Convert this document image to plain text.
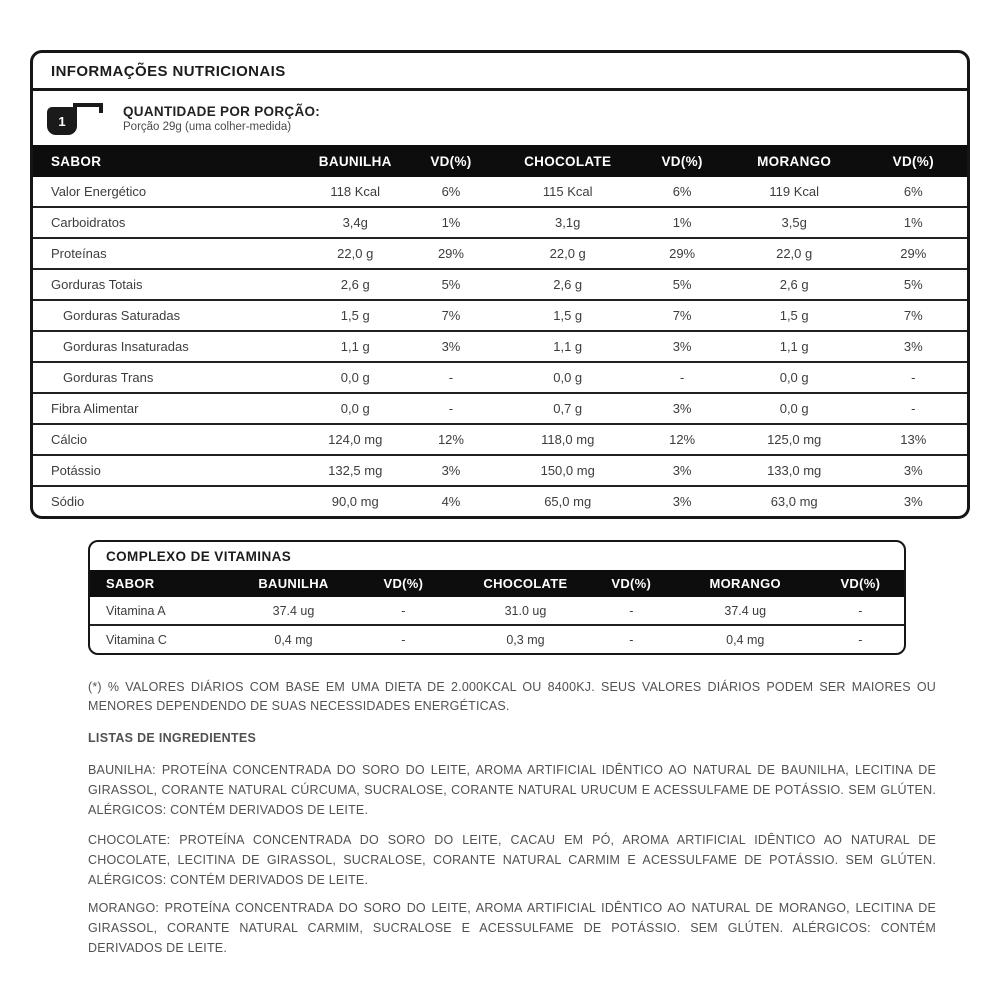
INFORMAÇÕES NUTRICIONAIS
1
QUANTIDADE POR PORÇÃO:
Porção 29g (uma colher-medida)
SABOR	BAUNILHA	VD(%)	CHOCOLATE	VD(%)	MORANGO	VD(%)
Valor Energético	118 Kcal	6%	115 Kcal	6%	119 Kcal	6%
Carboidratos	3,4g	1%	3,1g	1%	3,5g	1%
Proteínas	22,0 g	29%	22,0 g	29%	22,0 g	29%
Gorduras Totais	2,6 g	5%	2,6 g	5%	2,6 g	5%
Gorduras Saturadas	1,5 g	7%	1,5 g	7%	1,5 g	7%
Gorduras Insaturadas	1,1 g	3%	1,1 g	3%	1,1 g	3%
Gorduras Trans	0,0 g	-	0,0 g	-	0,0 g	-
Fibra Alimentar	0,0 g	-	0,7 g	3%	0,0 g	-
Cálcio	124,0 mg	12%	118,0 mg	12%	125,0 mg	13%
Potássio	132,5 mg	3%	150,0 mg	3%	133,0 mg	3%
Sódio	90,0 mg	4%	65,0 mg	3%	63,0 mg	3%
COMPLEXO DE VITAMINAS
SABOR	BAUNILHA	VD(%)	CHOCOLATE	VD(%)	MORANGO	VD(%)
Vitamina A	37.4 ug	-	31.0 ug	-	37.4 ug	-
Vitamina C	0,4 mg	-	0,3 mg	-	0,4 mg	-
(*) % VALORES DIÁRIOS COM BASE EM UMA DIETA DE 2.000KCAL OU 8400KJ. SEUS VALORES DIÁRIOS PODEM SER MAIORES OU MENORES DEPENDENDO DE SUAS NECESSIDADES ENERGÉTICAS.
LISTAS DE INGREDIENTES

BAUNILHA: PROTEÍNA CONCENTRADA DO SORO DO LEITE, AROMA ARTIFICIAL IDÊNTICO AO NATURAL DE BAUNILHA, LECITINA DE GIRASSOL, CORANTE NATURAL CÚRCUMA, SUCRALOSE, CORANTE NATURAL URUCUM E ACESSULFAME DE POTÁSSIO. SEM GLÚTEN. ALÉRGICOS: CONTÉM DERIVADOS DE LEITE.

CHOCOLATE: PROTEÍNA CONCENTRADA DO SORO DO LEITE, CACAU EM PÓ, AROMA ARTIFICIAL IDÊNTICO AO NATURAL DE CHOCOLATE, LECITINA DE GIRASSOL, SUCRALOSE, CORANTE NATURAL CARMIM E ACESSULFAME DE POTÁSSIO. SEM GLÚTEN. ALÉRGICOS: CONTÉM DERIVADOS DE LEITE.

MORANGO: PROTEÍNA CONCENTRADA DO SORO DO LEITE, AROMA ARTIFICIAL IDÊNTICO AO NATURAL DE MORANGO, LECITINA DE GIRASSOL, CORANTE NATURAL CARMIM, SUCRALOSE E ACESSULFAME DE POTÁSSIO. SEM GLÚTEN. ALÉRGICOS: CONTÉM DERIVADOS DE LEITE.
